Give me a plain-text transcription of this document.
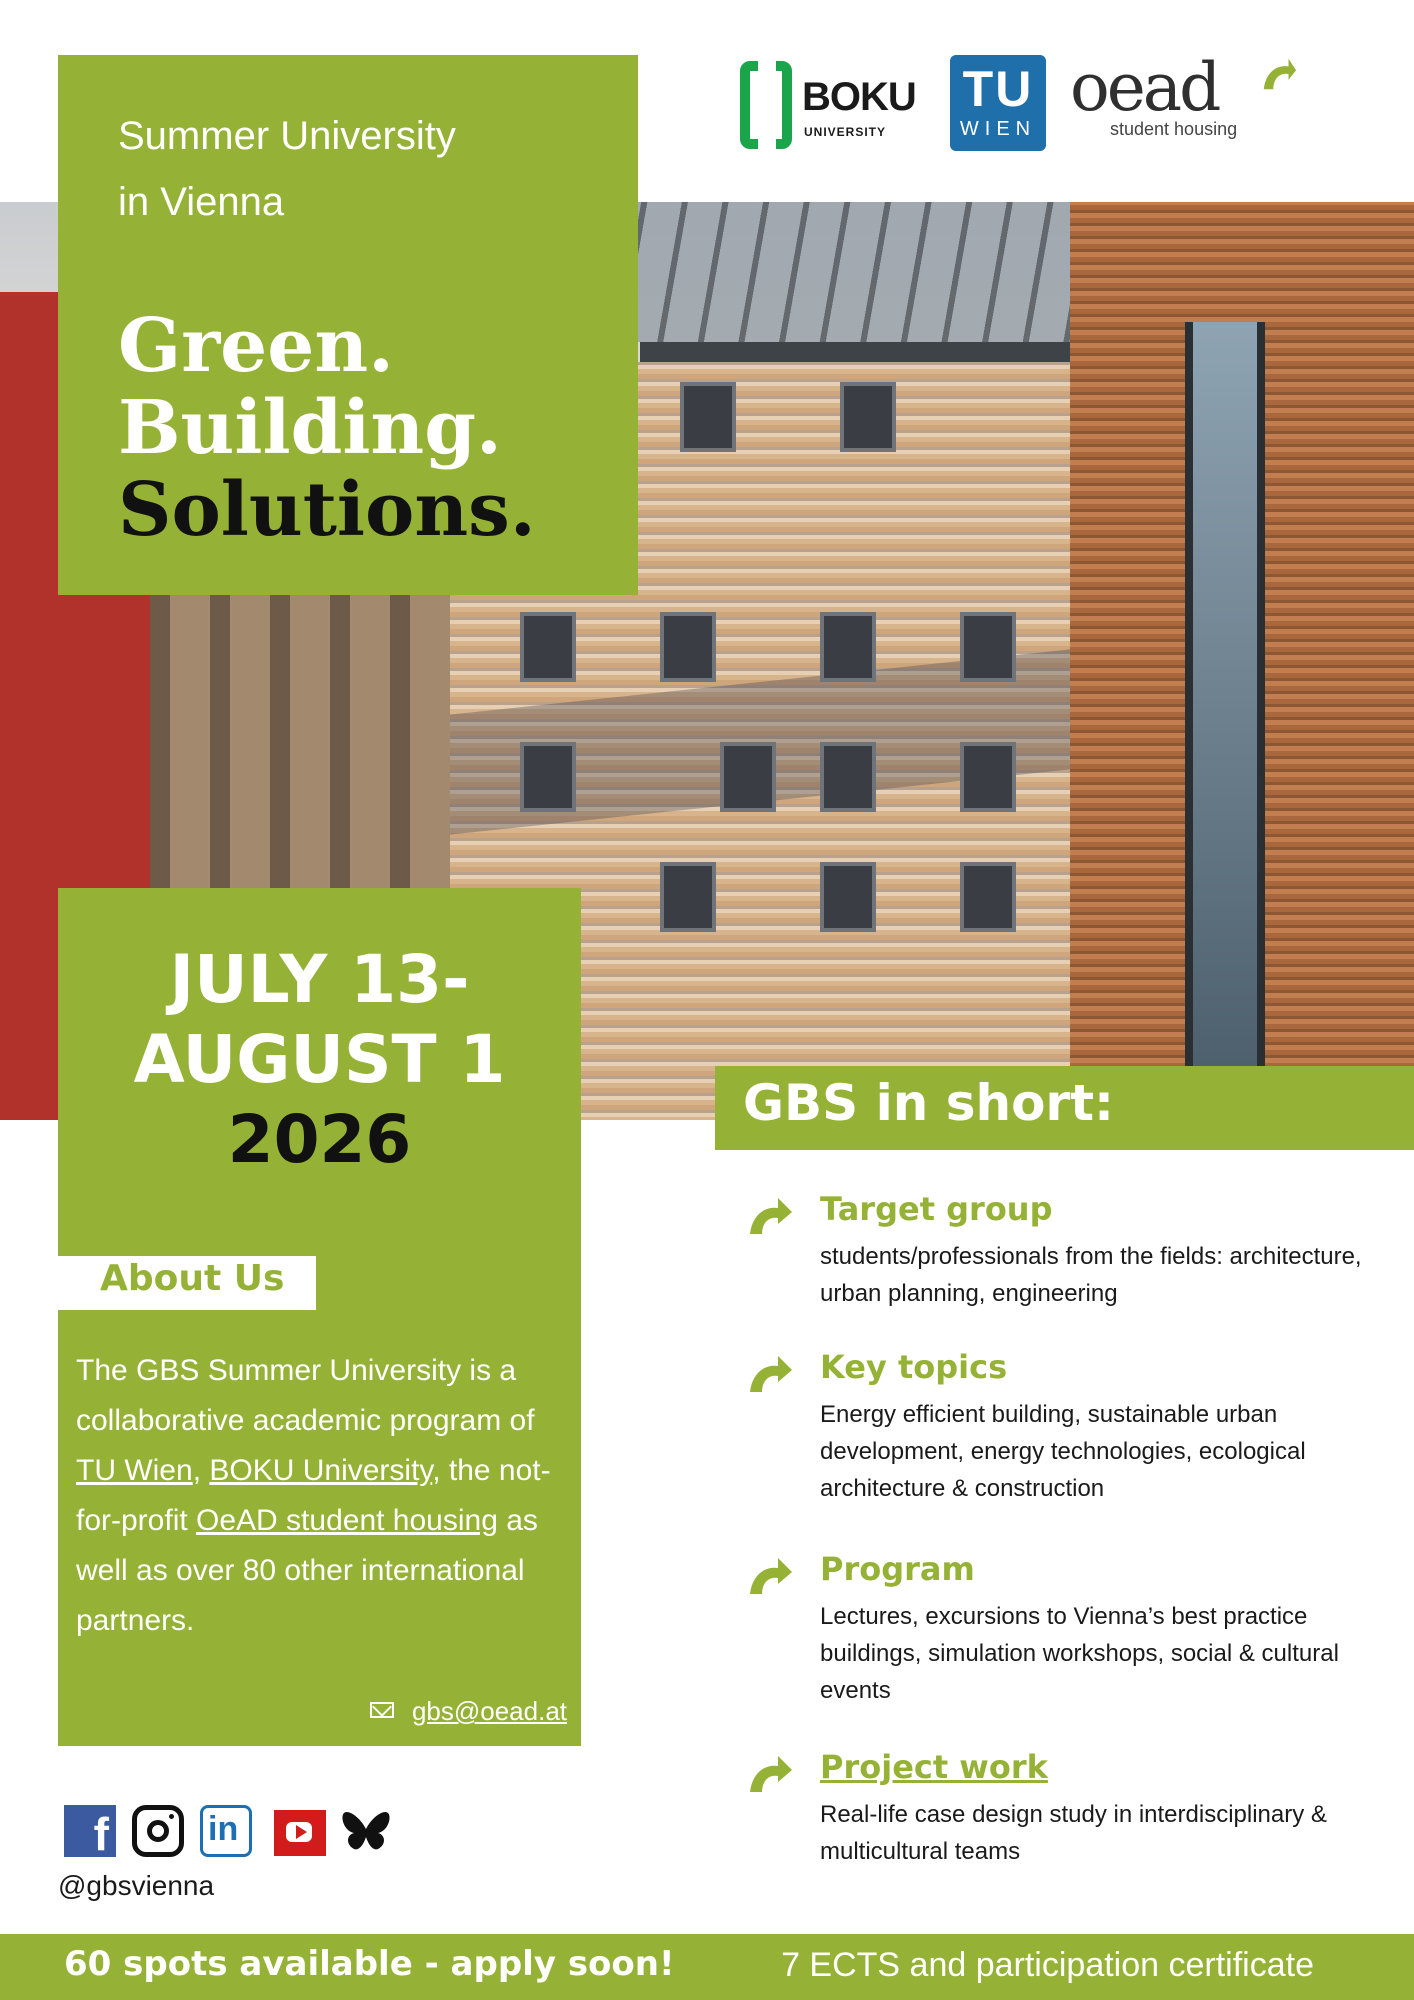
Summer University
in Vienna
Green.
Building.
Solutions.
BOKU
UNIVERSITY
TU
WIEN
oead
student housing
JULY 13-
AUGUST 1
2026
About Us
The GBS Summer University is a collaborative academic program of TU Wien, BOKU University, the not-for-profit OeAD student housing as well as over 80 other international partners.
gbs@oead.at
f	in
@gbsvienna
GBS in short:
Target group
students/professionals from the fields: architecture, urban planning, engineering
Key topics
Energy efficient building, sustainable urban development, energy technologies, ecological architecture & construction
Program
Lectures, excursions to Vienna’s best practice buildings, simulation workshops, social & cultural events
Project work
Real-life case design study in interdisciplinary & multicultural teams
60 spots available - apply soon!	7 ECTS and participation certificate
